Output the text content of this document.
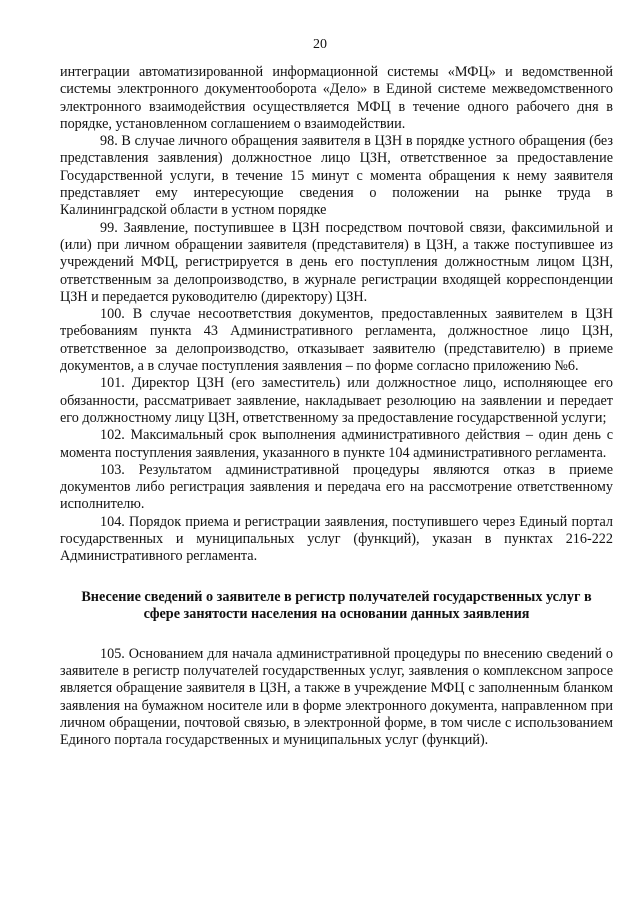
20

интеграции автоматизированной информационной системы «МФЦ» и ведомственной системы электронного документооборота «Дело» в Единой системе межведомственного электронного взаимодействия осуществляется МФЦ в течение одного рабочего дня в порядке, установленном соглашением о взаимодействии.

98. В случае личного обращения заявителя в ЦЗН в порядке устного обращения (без представления заявления) должностное лицо ЦЗН, ответственное за предоставление Государственной услуги, в течение 15 минут с момента обращения к нему заявителя представляет ему интересующие сведения о положении на рынке труда в Калининградской области в устном порядке

99. Заявление, поступившее в ЦЗН посредством почтовой связи, факсимильной и (или) при личном обращении заявителя (представителя) в ЦЗН, а также поступившее из учреждений МФЦ, регистрируется в день его поступления должностным лицом ЦЗН, ответственным за делопроизводство, в журнале регистрации входящей корреспонденции ЦЗН и передается руководителю (директору) ЦЗН.

100. В случае несоответствия документов, предоставленных заявителем в ЦЗН требованиям пункта 43 Административного регламента, должностное лицо ЦЗН, ответственное за делопроизводство, отказывает заявителю (представителю) в приеме документов, а в случае поступления заявления – по форме согласно приложению №6.

101. Директор ЦЗН (его заместитель) или должностное лицо, исполняющее его обязанности, рассматривает заявление, накладывает резолюцию на заявлении и передает его должностному лицу ЦЗН, ответственному за предоставление государственной услуги;

102. Максимальный срок выполнения административного действия – один день с момента поступления заявления, указанного в пункте 104 административного регламента.

103. Результатом административной процедуры являются отказ в приеме документов либо регистрация заявления и передача его на рассмотрение ответственному исполнителю.

104. Порядок приема и регистрации заявления, поступившего через Единый портал государственных и муниципальных услуг (функций), указан в пунктах 216-222 Административного регламента.

Внесение сведений о заявителе в регистр получателей государственных услуг в сфере занятости населения на основании данных заявления

105. Основанием для начала административной процедуры по внесению сведений о заявителе в регистр получателей государственных услуг, заявления о комплексном запросе является обращение заявителя в ЦЗН, а также в учреждение МФЦ с заполненным бланком заявления на бумажном носителе или в форме электронного документа, направленном при личном обращении, почтовой связью, в электронной форме, в том числе с использованием Единого портала государственных и муниципальных услуг (функций).
